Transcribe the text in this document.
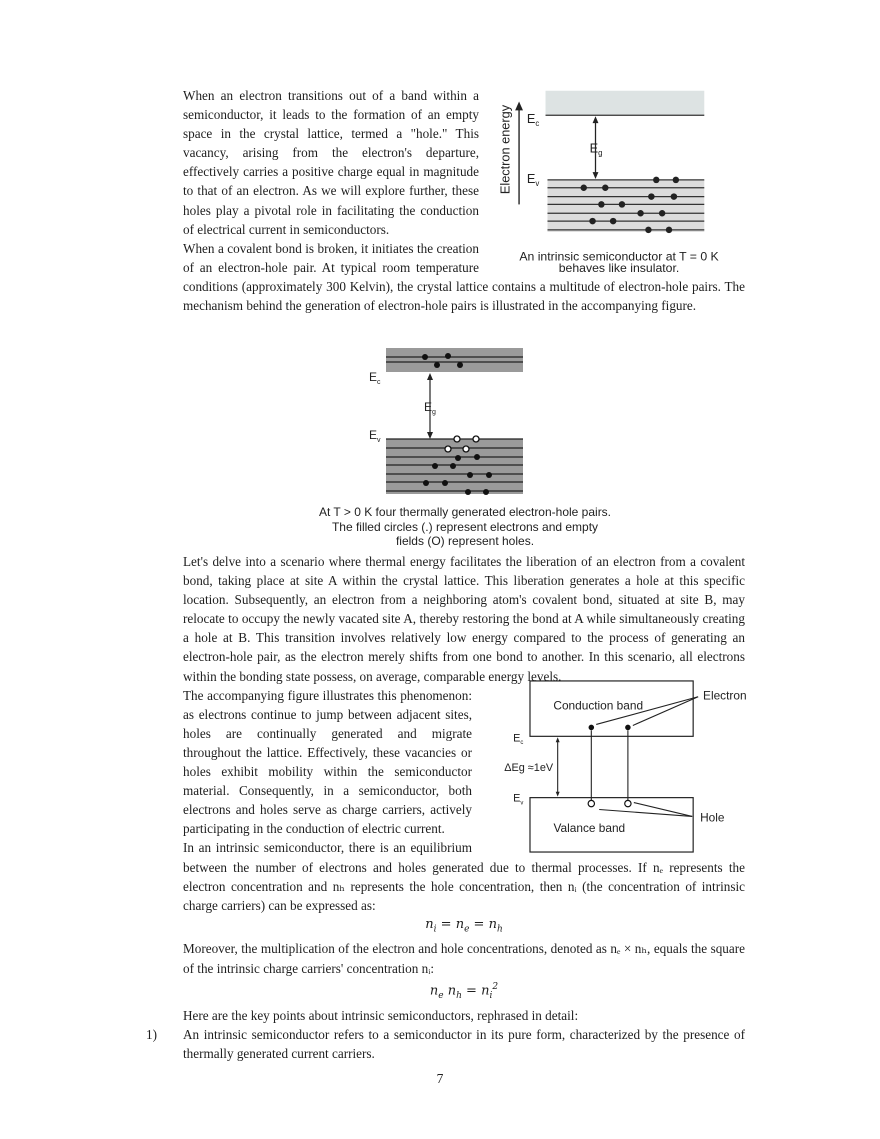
Electron energy $E_c$
$E_g$
$E_v$
An intrinsic semiconductor at T = 0 K
behaves like insulator.

When an electron transitions out of a band within a semiconductor, it leads to the formation of an empty space in the crystal lattice, termed a "hole." This vacancy, arising from the electron's departure, effectively carries a positive charge equal in magnitude to that of an electron. As we will explore further, these holes play a pivotal role in facilitating the conduction of electrical current in semiconductors.

When a covalent bond is broken, it initiates the creation of an electron-hole pair. At typical room temperature conditions (approximately 300 Kelvin), the crystal lattice contains a multitude of electron-hole pairs. The mechanism behind the generation of electron-hole pairs is illustrated in the accompanying figure.

$E_c$
$E_g$
$E_v$
At T > 0 K four thermally generated electron-hole pairs.
The filled circles (.) represent electrons and empty
fields (O) represent holes.

Let's delve into a scenario where thermal energy facilitates the liberation of an electron from a covalent bond, taking place at site A within the crystal lattice. This liberation generates a hole at this specific location. Subsequently, an electron from a neighboring atom's covalent bond, situated at site B, may relocate to occupy the newly vacated site A, thereby restoring the bond at A while simultaneously creating a hole at B. This transition involves relatively low energy compared to the process of generating an electron-hole pair, as the electron merely shifts from one bond to another. In this scenario, all electrons within the bonding state possess, on average, comparable energy levels.

Conduction band
Valance band
Electron
Hole
$E_c$
$E_v$
ΔEg ≈1eV

The accompanying figure illustrates this phenomenon: as electrons continue to jump between adjacent sites, holes are continually generated and migrate throughout the lattice. Effectively, these vacancies or holes exhibit mobility within the semiconductor material. Consequently, in a semiconductor, both electrons and holes serve as charge carriers, actively participating in the conduction of electric current.

In an intrinsic semiconductor, there is an equilibrium between the number of electrons and holes generated due to thermal processes. If nₑ represents the electron concentration and nₕ represents the hole concentration, then nᵢ (the concentration of intrinsic charge carriers) can be expressed as:

$n_i = n_e = n_h$

Moreover, the multiplication of the electron and hole concentrations, denoted as nₑ × nₕ, equals the square of the intrinsic charge carriers' concentration nᵢ:

$n_e$ $n_h = n_i^2$

Here are the key points about intrinsic semiconductors, rephrased in detail:

1) An intrinsic semiconductor refers to a semiconductor in its pure form, characterized by the presence of thermally generated current carriers.

7
